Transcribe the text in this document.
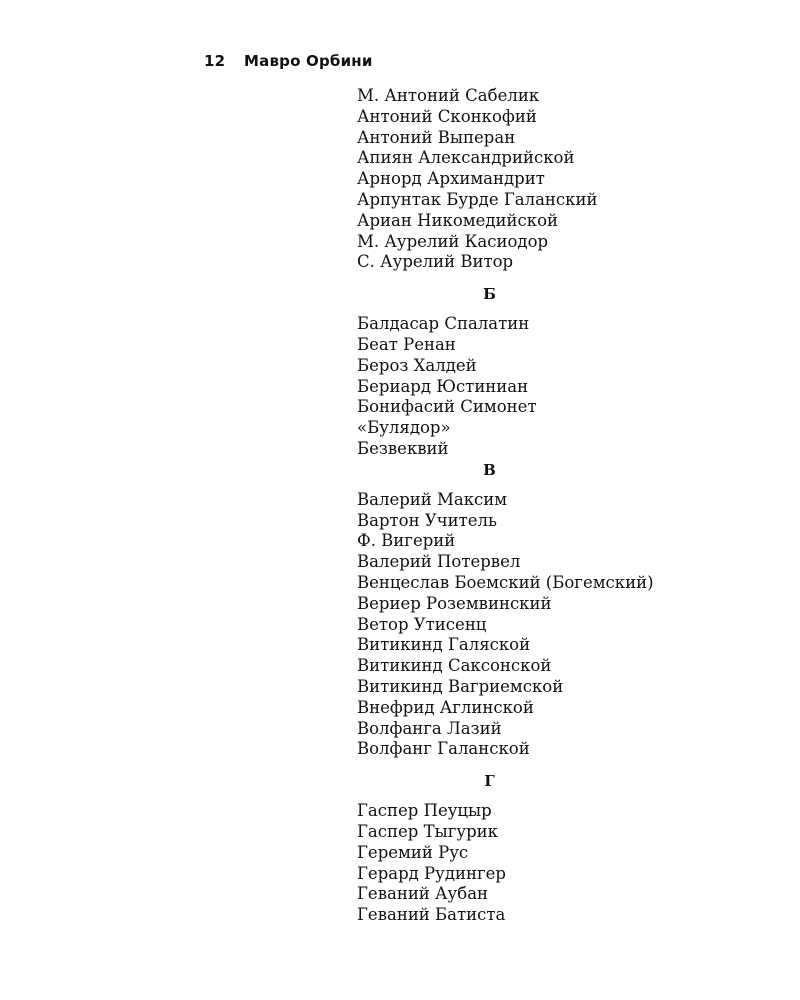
12 Мавро Орбини
М. Антоний Сабелик
Антоний Сконкофий
Антоний Выперан
Апиян Александрийской
Арнорд Архимандрит
Арпунтак Бурде Галанский
Ариан Никомедийской
М. Аурелий Касиодор
С. Аурелий Витор
Б
Балдасар Спалатин
Беат Ренан
Бероз Халдей
Бериард Юстиниан
Бонифасий Симонет
«Булядор»
Безвеквий
В
Валерий Максим
Вартон Учитель
Ф. Вигерий
Валерий Потервел
Венцеслав Боемский (Богемский)
Вериер Роземвинский
Ветор Утисенц
Витикинд Галяской
Витикинд Саксонской
Витикинд Вагриемской
Внефрид Аглинской
Волфанга Лазий
Волфанг Галанской
Г
Гаспер Пеуцыр
Гаспер Тыгурик
Геремий Рус
Герард Рудингер
Геваний Аубан
Геваний Батиста
